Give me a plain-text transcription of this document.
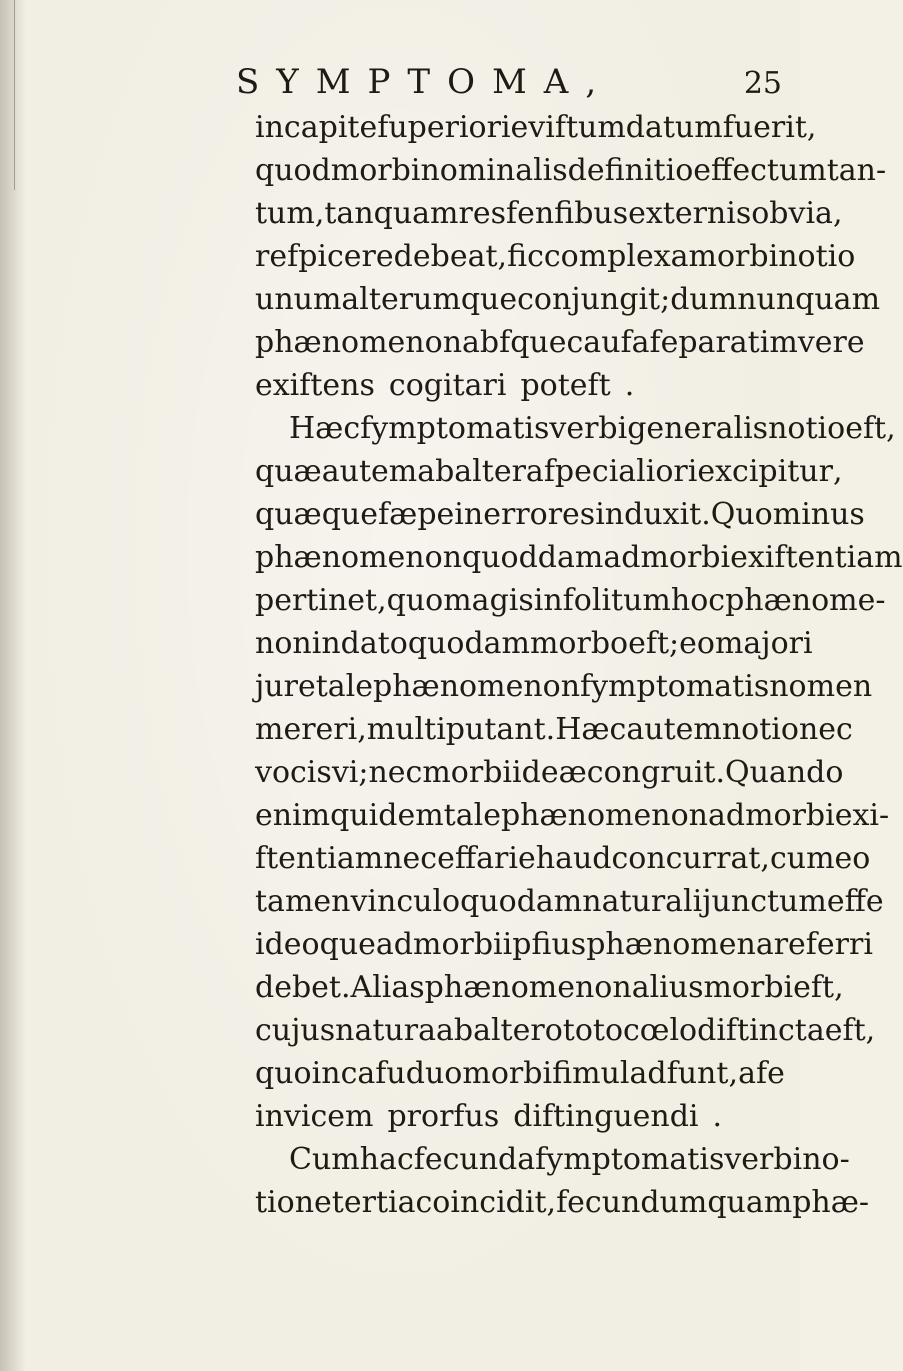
SYMPTOMA,	25
in capite fuperiori eviftum datum fuerit ,
quod morbi nominalis definitio effectum tan-
tum , tanquam res fenfibus externis obvia ,
refpicere debeat , fic complexa morbi notio
unum alterumque conjungit ; dum nunquam
phænomenon abfque caufa feparatim vere
exiftens cogitari poteft .
Hæc fymptomatis verbi generalis notio eft ,
quæ autem ab altera fpecialiori excipitur ,
quæque fæpe in errores induxit . Quo minus
phænomenon quoddam ad morbi exiftentiam
pertinet , quo magis infolitum hoc phænome-
non in dato quodam morbo eft ; eo majori
jure tale phænomenon fymptomatis nomen
mereri , multi putant . Hæc autem notio nec
vocis vi ; nec morbi ideæ congruit . Quando
enim quidem tale phænomenon ad morbi exi-
ftentiam neceffarie haud concurrat , cum eo
tamen vinculo quodam naturali junctum effe
ideoque ad morbi ipfius phænomena referri
debet . Alias phænomenon alius morbi eft ,
cujus natura ab altero toto cœlo diftincta eft ,
quo in cafu duo morbi fimul adfunt , a fe
invicem prorfus diftinguendi .
Cum hac fecunda fymptomatis verbi no-
tione tertia coincidit , fecundum quam phæ-
